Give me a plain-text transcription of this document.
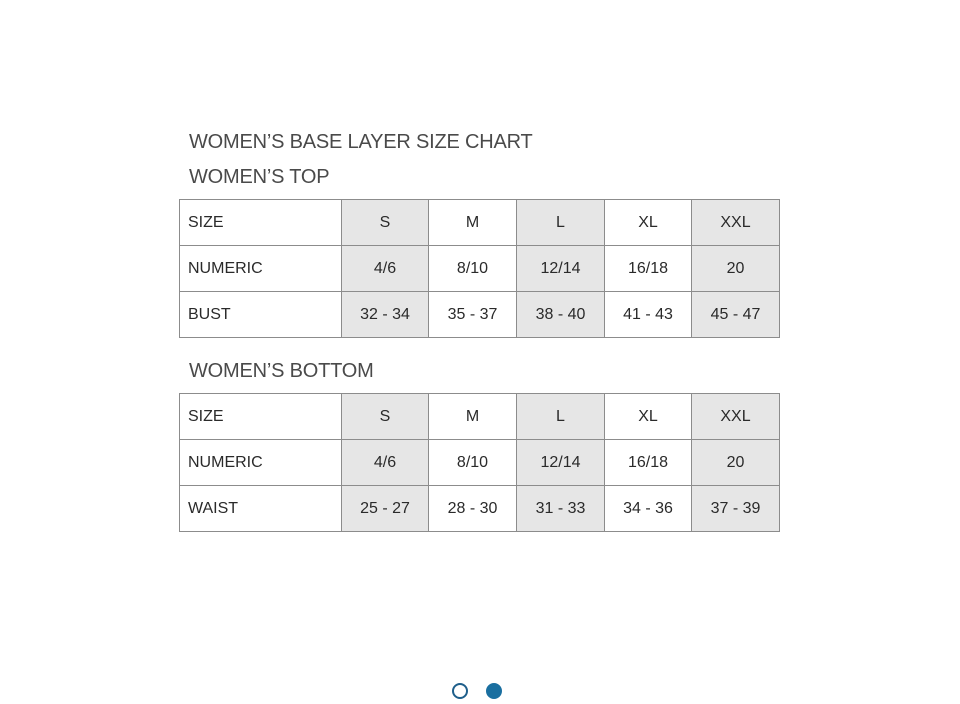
WOMEN’S BASE LAYER SIZE CHART
WOMEN’S TOP
SIZE	S	M	L	XL	XXL
NUMERIC	4/6	8/10	12/14	16/18	20
BUST	32 - 34	35 - 37	38 - 40	41 - 43	45 - 47
WOMEN’S BOTTOM
SIZE	S	M	L	XL	XXL
NUMERIC	4/6	8/10	12/14	16/18	20
WAIST	25 - 27	28 - 30	31 - 33	34 - 36	37 - 39
